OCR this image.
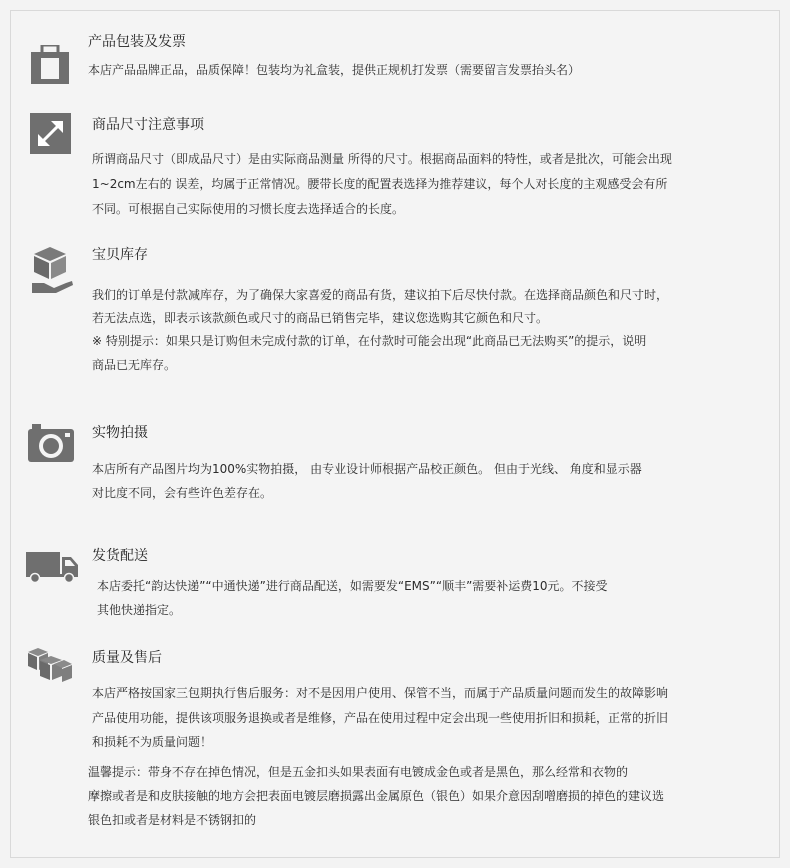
产品包装及发票
本店产品品牌正品，品质保障！包装均为礼盒装，提供正规机打发票（需要留言发票抬头名）
商品尺寸注意事项
所谓商品尺寸（即成品尺寸）是由实际商品测量 所得的尺寸。根据商品面料的特性，或者是批次，可能会出现
1~2cm左右的 误差，均属于正常情况。腰带长度的配置表选择为推荐建议，每个人对长度的主观感受会有所
不同。可根据自己实际使用的习惯长度去选择适合的长度。
宝贝库存
我们的订单是付款减库存，为了确保大家喜爱的商品有货，建议拍下后尽快付款。在选择商品颜色和尺寸时，
若无法点选，即表示该款颜色或尺寸的商品已销售完毕，建议您选购其它颜色和尺寸。
※ 特别提示：如果只是订购但未完成付款的订单，在付款时可能会出现“此商品已无法购买”的提示，说明
商品已无库存。
实物拍摄
本店所有产品图片均为100%实物拍摄， 由专业设计师根据产品校正颜色。 但由于光线、 角度和显示器
对比度不同，会有些许色差存在。
发货配送
本店委托“韵达快递”“中通快递”进行商品配送，如需要发“EMS”“顺丰”需要补运费10元。不接受
其他快递指定。
质量及售后
本店严格按国家三包期执行售后服务：对不是因用户使用、保管不当，而属于产品质量问题而发生的故障影响
产品使用功能，提供该项服务退换或者是维修，产品在使用过程中定会出现一些使用折旧和损耗，正常的折旧
和损耗不为质量问题！
温馨提示：带身不存在掉色情况，但是五金扣头如果表面有电镀成金色或者是黑色，那么经常和衣物的
摩擦或者是和皮肤接触的地方会把表面电镀层磨损露出金属原色（银色）如果介意因刮噌磨损的掉色的建议选
银色扣或者是材料是不锈钢扣的
